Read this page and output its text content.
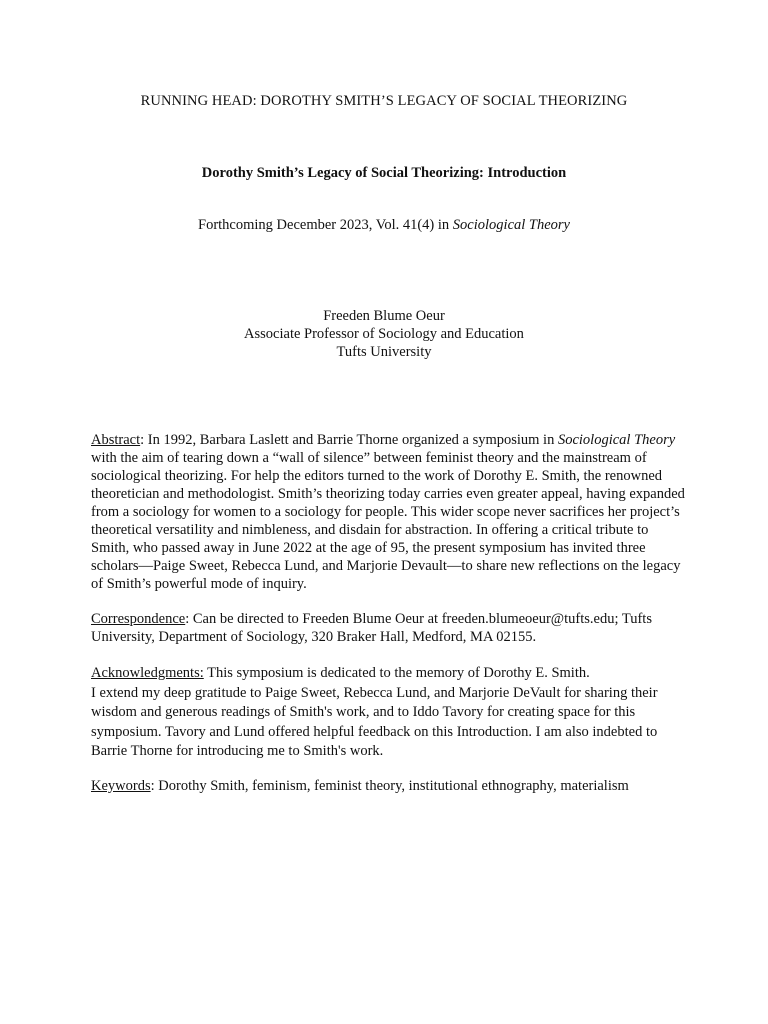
RUNNING HEAD: DOROTHY SMITH’S LEGACY OF SOCIAL THEORIZING
Dorothy Smith’s Legacy of Social Theorizing: Introduction
Forthcoming December 2023, Vol. 41(4) in Sociological Theory
Freeden Blume Oeur
Associate Professor of Sociology and Education
Tufts University

Abstract: In 1992, Barbara Laslett and Barrie Thorne organized a symposium in Sociological Theory with the aim of tearing down a “wall of silence” between feminist theory and the mainstream of sociological theorizing. For help the editors turned to the work of Dorothy E. Smith, the renowned theoretician and methodologist. Smith’s theorizing today carries even greater appeal, having expanded from a sociology for women to a sociology for people. This wider scope never sacrifices her project’s theoretical versatility and nimbleness, and disdain for abstraction. In offering a critical tribute to Smith, who passed away in June 2022 at the age of 95, the present symposium has invited three scholars—Paige Sweet, Rebecca Lund, and Marjorie Devault—to share new reflections on the legacy of Smith’s powerful mode of inquiry.

Correspondence: Can be directed to Freeden Blume Oeur at freeden.blumeoeur@tufts.edu; Tufts University, Department of Sociology, 320 Braker Hall, Medford, MA 02155.

Acknowledgments: This symposium is dedicated to the memory of Dorothy E. Smith.

I extend my deep gratitude to Paige Sweet, Rebecca Lund, and Marjorie DeVault for sharing their wisdom and generous readings of Smith's work, and to Iddo Tavory for creating space for this symposium. Tavory and Lund offered helpful feedback on this Introduction. I am also indebted to Barrie Thorne for introducing me to Smith's work.

Keywords: Dorothy Smith, feminism, feminist theory, institutional ethnography, materialism
